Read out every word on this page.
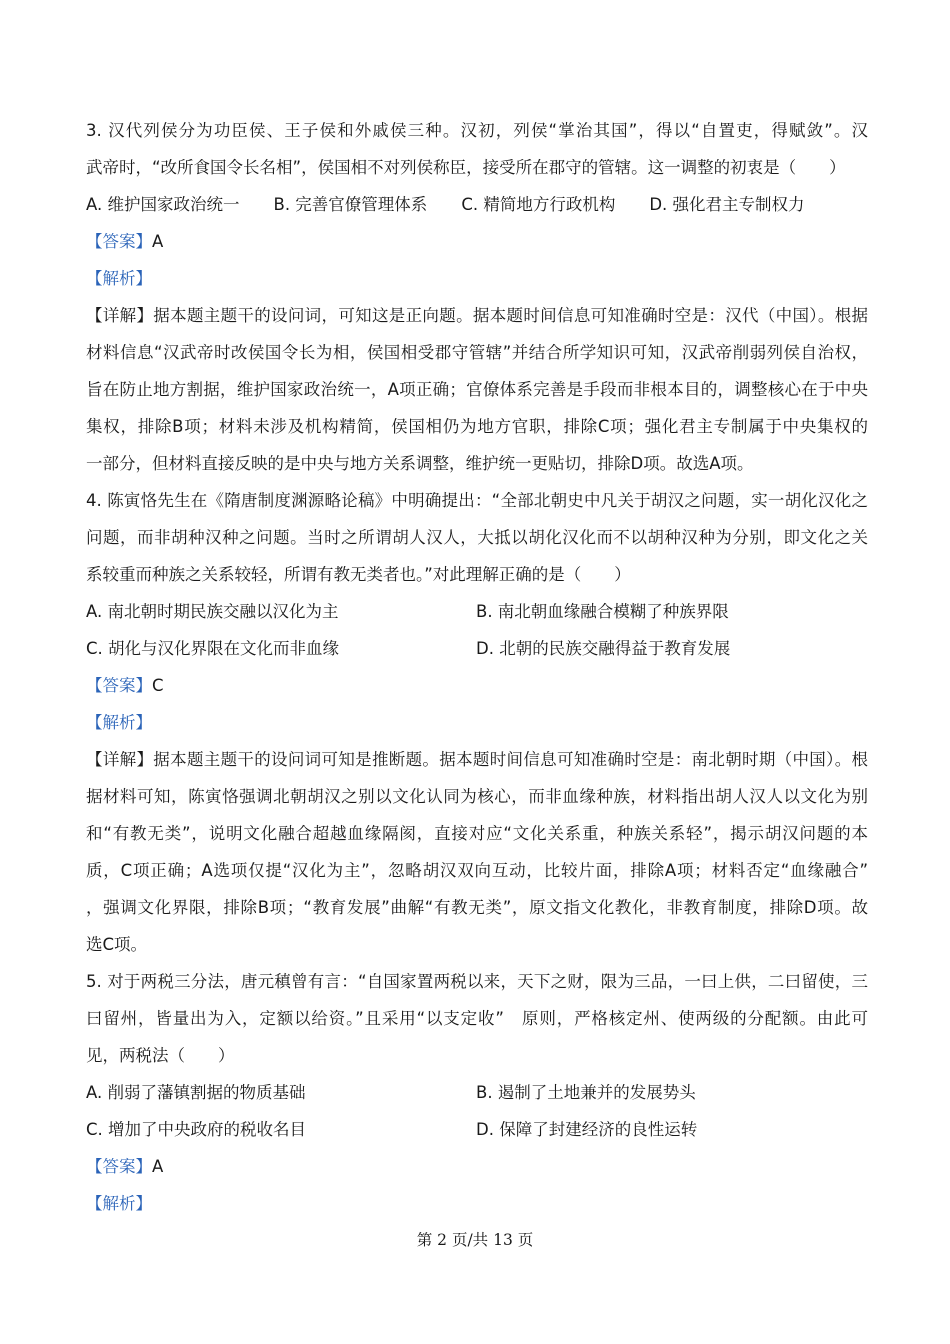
3. 汉代列侯分为功臣侯、王子侯和外戚侯三种。汉初，列侯“掌治其国”，得以“自置吏，得赋敛”。汉
武帝时，“改所食国令长名相”，侯国相不对列侯称臣，接受所在郡守的管辖。这一调整的初衷是（　　）
A. 维护国家政治统一 B. 完善官僚管理体系 C. 精简地方行政机构 D. 强化君主专制权力
【答案】A
【解析】
【详解】据本题主题干的设问词，可知这是正向题。据本题时间信息可知准确时空是：汉代（中国）。根据
材料信息“汉武帝时改侯国令长为相，侯国相受郡守管辖”并结合所学知识可知，汉武帝削弱列侯自治权，
旨在防止地方割据，维护国家政治统一，A项正确；官僚体系完善是手段而非根本目的，调整核心在于中央
集权，排除B项；材料未涉及机构精简，侯国相仍为地方官职，排除C项；强化君主专制属于中央集权的
一部分，但材料直接反映的是中央与地方关系调整，维护统一更贴切，排除D项。故选A项。
4. 陈寅恪先生在《隋唐制度渊源略论稿》中明确提出：“全部北朝史中凡关于胡汉之问题，实一胡化汉化之
问题，而非胡种汉种之问题。当时之所谓胡人汉人，大抵以胡化汉化而不以胡种汉种为分别，即文化之关
系较重而种族之关系较轻，所谓有教无类者也。”对此理解正确的是（　　）
A. 南北朝时期民族交融以汉化为主	B. 南北朝血缘融合模糊了种族界限
C. 胡化与汉化界限在文化而非血缘	D. 北朝的民族交融得益于教育发展
【答案】C
【解析】
【详解】据本题主题干的设问词可知是推断题。据本题时间信息可知准确时空是：南北朝时期（中国）。根
据材料可知，陈寅恪强调北朝胡汉之别以文化认同为核心，而非血缘种族，材料指出胡人汉人以文化为别
和“有教无类”，说明文化融合超越血缘隔阂，直接对应“文化关系重，种族关系轻”，揭示胡汉问题的本
质，C项正确；A选项仅提“汉化为主”，忽略胡汉双向互动，比较片面，排除A项；材料否定“血缘融合”
，强调文化界限，排除B项；“教育发展”曲解“有教无类”，原文指文化教化，非教育制度，排除D项。故
选C项。
5. 对于两税三分法，唐元稹曾有言：“自国家置两税以来，天下之财，限为三品，一曰上供，二曰留使，三
曰留州，皆量出为入，定额以给资。”且采用“以支定收”　原则，严格核定州、使两级的分配额。由此可
见，两税法（　　）
A. 削弱了藩镇割据的物质基础	B. 遏制了土地兼并的发展势头
C. 增加了中央政府的税收名目	D. 保障了封建经济的良性运转
【答案】A
【解析】
第 2 页/共 13 页
